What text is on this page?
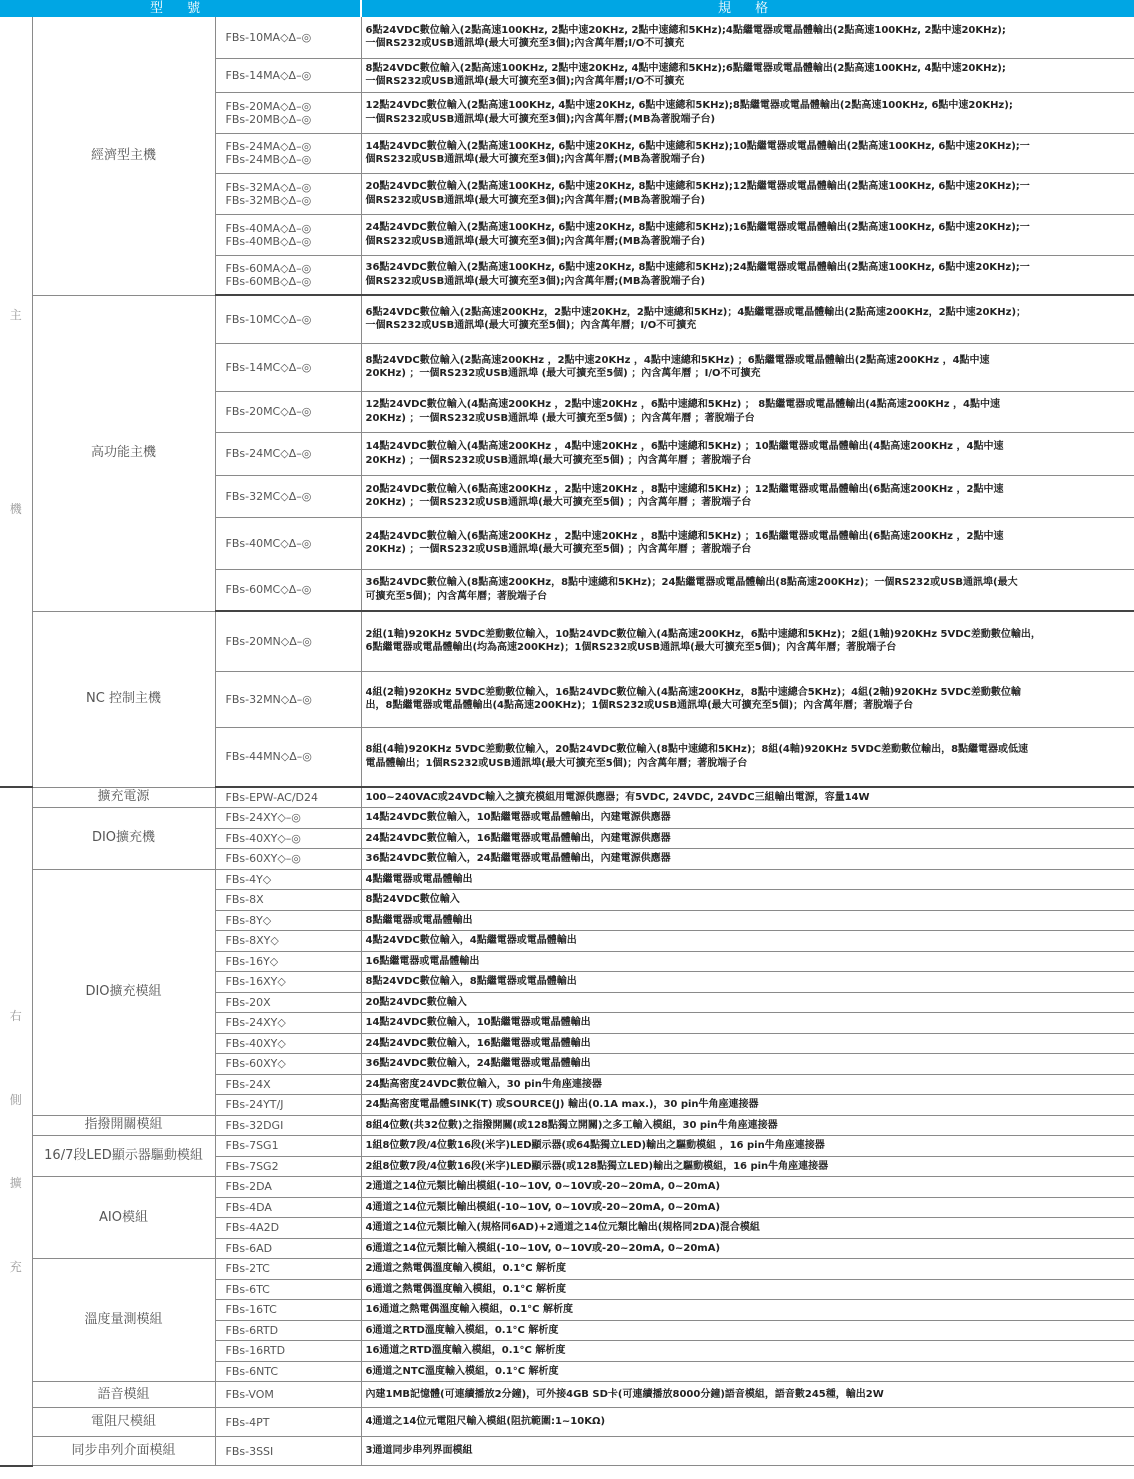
型 號			規 格

主
機	經濟型主機	FBs-10MA◇Δ–◎	6點24VDC數位輸入(2點高速100KHz, 2點中速20KHz, 2點中速總和5KHz);4點繼電器或電晶體輸出(2點高速100KHz, 2點中速20KHz);
一個RS232或USB通訊埠(最大可擴充至3個);內含萬年曆;I/O不可擴充

		FBs-14MA◇Δ–◎	8點24VDC數位輸入(2點高速100KHz, 2點中速20KHz, 4點中速總和5KHz);6點繼電器或電晶體輸出(2點高速100KHz, 4點中速20KHz);
一個RS232或USB通訊埠(最大可擴充至3個);內含萬年曆;I/O不可擴充

		FBs-20MA◇Δ–◎
FBs-20MB◇Δ–◎	12點24VDC數位輸入(2點高速100KHz, 4點中速20KHz, 6點中速總和5KHz);8點繼電器或電晶體輸出(2點高速100KHz, 6點中速20KHz);
一個RS232或USB通訊埠(最大可擴充至3個);內含萬年曆;(MB為著脫端子台)

		FBs-24MA◇Δ–◎
FBs-24MB◇Δ–◎	14點24VDC數位輸入(2點高速100KHz, 6點中速20KHz, 6點中速總和5KHz);10點繼電器或電晶體輸出(2點高速100KHz, 6點中速20KHz);一
個RS232或USB通訊埠(最大可擴充至3個);內含萬年曆;(MB為著脫端子台)

		FBs-32MA◇Δ–◎
FBs-32MB◇Δ–◎	20點24VDC數位輸入(2點高速100KHz, 6點中速20KHz, 8點中速總和5KHz);12點繼電器或電晶體輸出(2點高速100KHz, 6點中速20KHz);一
個RS232或USB通訊埠(最大可擴充至3個);內含萬年曆;(MB為著脫端子台)

		FBs-40MA◇Δ–◎
FBs-40MB◇Δ–◎	24點24VDC數位輸入(2點高速100KHz, 6點中速20KHz, 8點中速總和5KHz);16點繼電器或電晶體輸出(2點高速100KHz, 6點中速20KHz);一
個RS232或USB通訊埠(最大可擴充至3個);內含萬年曆;(MB為著脫端子台)

		FBs-60MA◇Δ–◎
FBs-60MB◇Δ–◎	36點24VDC數位輸入(2點高速100KHz, 6點中速20KHz, 8點中速總和5KHz);24點繼電器或電晶體輸出(2點高速100KHz, 6點中速20KHz);一
個RS232或USB通訊埠(最大可擴充至3個);內含萬年曆;(MB為著脫端子台)

	高功能主機	FBs-10MC◇Δ–◎	6點24VDC數位輸入(2點高速200KHz，2點中速20KHz，2點中速總和5KHz)；4點繼電器或電晶體輸出(2點高速200KHz，2點中速20KHz)；
一個RS232或USB通訊埠(最大可擴充至5個)；內含萬年曆；I/O不可擴充

		FBs-14MC◇Δ–◎	8點24VDC數位輸入(2點高速200KHz ，2點中速20KHz ，4點中速總和5KHz) ；6點繼電器或電晶體輸出(2點高速200KHz ，4點中速
20KHz) ；一個RS232或USB通訊埠 (最大可擴充至5個) ；內含萬年曆 ；I/O不可擴充

		FBs-20MC◇Δ–◎	12點24VDC數位輸入(4點高速200KHz ，2點中速20KHz ，6點中速總和5KHz) ； 8點繼電器或電晶體輸出(4點高速200KHz ，4點中速
20KHz) ；一個RS232或USB通訊埠 (最大可擴充至5個) ；內含萬年曆 ；著脫端子台

		FBs-24MC◇Δ–◎	14點24VDC數位輸入(4點高速200KHz ，4點中速20KHz ，6點中速總和5KHz) ；10點繼電器或電晶體輸出(4點高速200KHz ，4點中速
20KHz) ；一個RS232或USB通訊埠(最大可擴充至5個) ；內含萬年曆 ；著脫端子台

		FBs-32MC◇Δ–◎	20點24VDC數位輸入(6點高速200KHz ，2點中速20KHz ，8點中速總和5KHz) ；12點繼電器或電晶體輸出(6點高速200KHz ，2點中速
20KHz) ；一個RS232或USB通訊埠(最大可擴充至5個) ；內含萬年曆 ；著脫端子台

		FBs-40MC◇Δ–◎	24點24VDC數位輸入(6點高速200KHz ，2點中速20KHz ，8點中速總和5KHz) ；16點繼電器或電晶體輸出(6點高速200KHz ，2點中速
20KHz) ；一個RS232或USB通訊埠(最大可擴充至5個) ；內含萬年曆 ；著脫端子台

		FBs-60MC◇Δ–◎	36點24VDC數位輸入(8點高速200KHz，8點中速總和5KHz)；24點繼電器或電晶體輸出(8點高速200KHz)；一個RS232或USB通訊埠(最大
可擴充至5個)；內含萬年曆；著脫端子台

	NC 控制主機	FBs-20MN◇Δ–◎	2組(1軸)920KHz 5VDC差動數位輸入，10點24VDC數位輸入(4點高速200KHz，6點中速總和5KHz)；2組(1軸)920KHz 5VDC差動數位輸出，
6點繼電器或電晶體輸出(均為高速200KHz)；1個RS232或USB通訊埠(最大可擴充至5個)；內含萬年曆；著脫端子台

		FBs-32MN◇Δ–◎	4組(2軸)920KHz 5VDC差動數位輸入，16點24VDC數位輸入(4點高速200KHz，8點中速總合5KHz)；4組(2軸)920KHz 5VDC差動數位輸
出，8點繼電器或電晶體輸出(4點高速200KHz)；1個RS232或USB通訊埠(最大可擴充至5個)；內含萬年曆；著脫端子台

		FBs-44MN◇Δ–◎	8組(4軸)920KHz 5VDC差動數位輸入，20點24VDC數位輸入(8點中速總和5KHz)；8組(4軸)920KHz 5VDC差動數位輸出，8點繼電器或低速
電晶體輸出；1個RS232或USB通訊埠(最大可擴充至5個)；內含萬年曆；著脫端子台

右
側
擴
充	擴充電源	FBs-EPW-AC/D24	100~240VAC或24VDC輸入之擴充模組用電源供應器；有5VDC, 24VDC, 24VDC三組輸出電源，容量14W

	DIO擴充機	FBs-24XY◇–◎	14點24VDC數位輸入，10點繼電器或電晶體輸出，內建電源供應器

		FBs-40XY◇–◎	24點24VDC數位輸入，16點繼電器或電晶體輸出，內建電源供應器

		FBs-60XY◇–◎	36點24VDC數位輸入，24點繼電器或電晶體輸出，內建電源供應器

	DIO擴充模組	FBs-4Y◇	4點繼電器或電晶體輸出

		FBs-8X	8點24VDC數位輸入

		FBs-8Y◇	8點繼電器或電晶體輸出

		FBs-8XY◇	4點24VDC數位輸入，4點繼電器或電晶體輸出

		FBs-16Y◇	16點繼電器或電晶體輸出

		FBs-16XY◇	8點24VDC數位輸入，8點繼電器或電晶體輸出

		FBs-20X	20點24VDC數位輸入

		FBs-24XY◇	14點24VDC數位輸入，10點繼電器或電晶體輸出

		FBs-40XY◇	24點24VDC數位輸入，16點繼電器或電晶體輸出

		FBs-60XY◇	36點24VDC數位輸入，24點繼電器或電晶體輸出

		FBs-24X	24點高密度24VDC數位輸入，30 pin牛角座連接器

		FBs-24YT/J	24點高密度電晶體SINK(T) 或SOURCE(J) 輸出(0.1A max.)，30 pin牛角座連接器

	指撥開關模組	FBs-32DGI	8組4位數(共32位數)之指撥開關(或128點獨立開關)之多工輸入模組，30 pin牛角座連接器

	16/7段LED顯示器驅動模組	FBs-7SG1	1組8位數7段/4位數16段(米字)LED顯示器(或64點獨立LED)輸出之驅動模組 ，16 pin牛角座連接器

		FBs-7SG2	2組8位數7段/4位數16段(米字)LED顯示器(或128點獨立LED)輸出之驅動模組，16 pin牛角座連接器

	AIO模組	FBs-2DA	2通道之14位元類比輸出模組(-10~10V, 0~10V或-20~20mA, 0~20mA)

		FBs-4DA	4通道之14位元類比輸出模組(-10~10V, 0~10V或-20~20mA, 0~20mA)

		FBs-4A2D	4通道之14位元類比輸入(規格同6AD)+2通道之14位元類比輸出(規格同2DA)混合模組

		FBs-6AD	6通道之14位元類比輸入模組(-10~10V, 0~10V或-20~20mA, 0~20mA)

	溫度量測模組	FBs-2TC	2通道之熱電偶溫度輸入模組，0.1°C 解析度

		FBs-6TC	6通道之熱電偶溫度輸入模組，0.1°C 解析度

		FBs-16TC	16通道之熱電偶溫度輸入模組，0.1°C 解析度

		FBs-6RTD	6通道之RTD溫度輸入模組，0.1°C 解析度

		FBs-16RTD	16通道之RTD溫度輸入模組，0.1°C 解析度

		FBs-6NTC	6通道之NTC溫度輸入模組，0.1°C 解析度

	語音模組	FBs-VOM	內建1MB記憶體(可連續播放2分鐘)，可外接4GB SD卡(可連續播放8000分鐘)語音模組，語音數245種，輸出2W

	電阻尺模組	FBs-4PT	4通道之14位元電阻尺輸入模組(阻抗範圍:1~10KΩ)

	同步串列介面模組	FBs-3SSI	3通道同步串列界面模組
